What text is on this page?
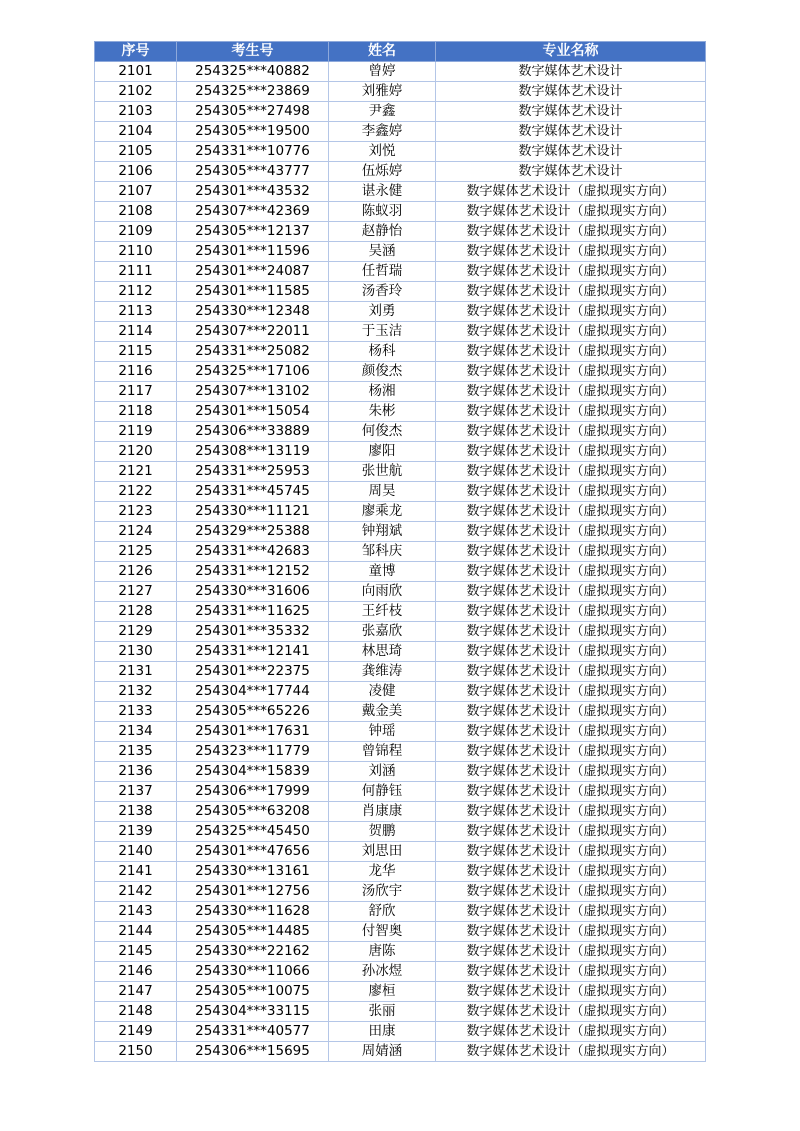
序号	考生号	姓名	专业名称
2101	254325***40882	曾婷	数字媒体艺术设计
2102	254325***23869	刘雅婷	数字媒体艺术设计
2103	254305***27498	尹鑫	数字媒体艺术设计
2104	254305***19500	李鑫婷	数字媒体艺术设计
2105	254331***10776	刘悦	数字媒体艺术设计
2106	254305***43777	伍烁婷	数字媒体艺术设计
2107	254301***43532	谌永健	数字媒体艺术设计（虚拟现实方向）
2108	254307***42369	陈蚁羽	数字媒体艺术设计（虚拟现实方向）
2109	254305***12137	赵静怡	数字媒体艺术设计（虚拟现实方向）
2110	254301***11596	吴涵	数字媒体艺术设计（虚拟现实方向）
2111	254301***24087	任哲瑞	数字媒体艺术设计（虚拟现实方向）
2112	254301***11585	汤香玲	数字媒体艺术设计（虚拟现实方向）
2113	254330***12348	刘勇	数字媒体艺术设计（虚拟现实方向）
2114	254307***22011	于玉洁	数字媒体艺术设计（虚拟现实方向）
2115	254331***25082	杨科	数字媒体艺术设计（虚拟现实方向）
2116	254325***17106	颜俊杰	数字媒体艺术设计（虚拟现实方向）
2117	254307***13102	杨湘	数字媒体艺术设计（虚拟现实方向）
2118	254301***15054	朱彬	数字媒体艺术设计（虚拟现实方向）
2119	254306***33889	何俊杰	数字媒体艺术设计（虚拟现实方向）
2120	254308***13119	廖阳	数字媒体艺术设计（虚拟现实方向）
2121	254331***25953	张世航	数字媒体艺术设计（虚拟现实方向）
2122	254331***45745	周昊	数字媒体艺术设计（虚拟现实方向）
2123	254330***11121	廖乘龙	数字媒体艺术设计（虚拟现实方向）
2124	254329***25388	钟翔斌	数字媒体艺术设计（虚拟现实方向）
2125	254331***42683	邹科庆	数字媒体艺术设计（虚拟现实方向）
2126	254331***12152	童博	数字媒体艺术设计（虚拟现实方向）
2127	254330***31606	向雨欣	数字媒体艺术设计（虚拟现实方向）
2128	254331***11625	王纤枝	数字媒体艺术设计（虚拟现实方向）
2129	254301***35332	张嘉欣	数字媒体艺术设计（虚拟现实方向）
2130	254331***12141	林思琦	数字媒体艺术设计（虚拟现实方向）
2131	254301***22375	龚维涛	数字媒体艺术设计（虚拟现实方向）
2132	254304***17744	凌健	数字媒体艺术设计（虚拟现实方向）
2133	254305***65226	戴金美	数字媒体艺术设计（虚拟现实方向）
2134	254301***17631	钟瑶	数字媒体艺术设计（虚拟现实方向）
2135	254323***11779	曾锦程	数字媒体艺术设计（虚拟现实方向）
2136	254304***15839	刘涵	数字媒体艺术设计（虚拟现实方向）
2137	254306***17999	何静钰	数字媒体艺术设计（虚拟现实方向）
2138	254305***63208	肖康康	数字媒体艺术设计（虚拟现实方向）
2139	254325***45450	贺鹏	数字媒体艺术设计（虚拟现实方向）
2140	254301***47656	刘思田	数字媒体艺术设计（虚拟现实方向）
2141	254330***13161	龙华	数字媒体艺术设计（虚拟现实方向）
2142	254301***12756	汤欣宇	数字媒体艺术设计（虚拟现实方向）
2143	254330***11628	舒欣	数字媒体艺术设计（虚拟现实方向）
2144	254305***14485	付智奥	数字媒体艺术设计（虚拟现实方向）
2145	254330***22162	唐陈	数字媒体艺术设计（虚拟现实方向）
2146	254330***11066	孙冰煜	数字媒体艺术设计（虚拟现实方向）
2147	254305***10075	廖桓	数字媒体艺术设计（虚拟现实方向）
2148	254304***33115	张丽	数字媒体艺术设计（虚拟现实方向）
2149	254331***40577	田康	数字媒体艺术设计（虚拟现实方向）
2150	254306***15695	周婧涵	数字媒体艺术设计（虚拟现实方向）
